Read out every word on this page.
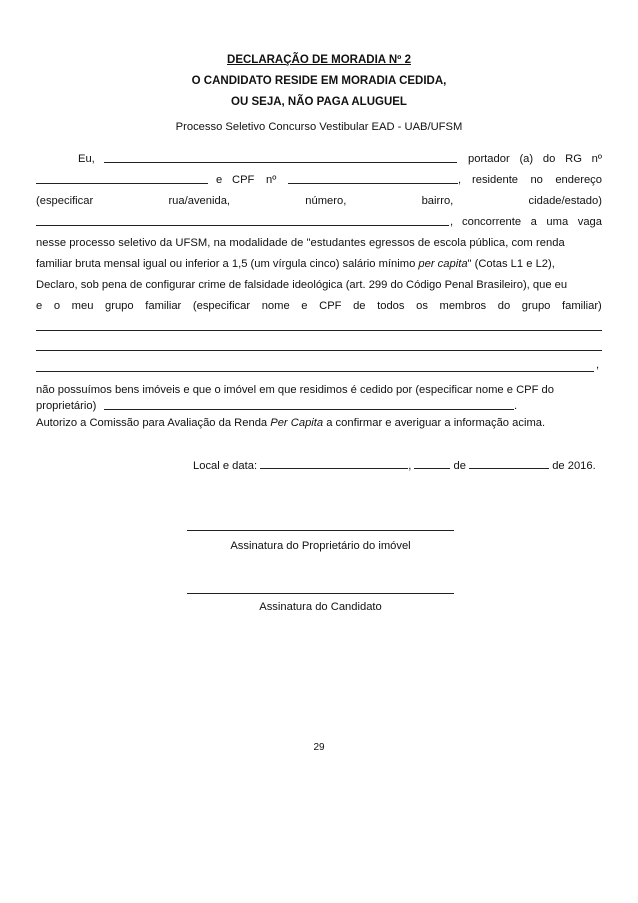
DECLARAÇÃO DE MORADIA Nº 2
O CANDIDATO RESIDE EM MORADIA CEDIDA,
OU SEJA, NÃO PAGA ALUGUEL
Processo Seletivo Concurso Vestibular EAD - UAB/UFSM
Eu,	portador (a) do RG nº
e CPF nº	, residente no endereço
(especificar	rua/avenida,	número,	bairro,	cidade/estado)
, concorrente a uma vaga
nesse processo seletivo da UFSM, na modalidade de "estudantes egressos de escola pública, com renda
familiar bruta mensal igual ou inferior a 1,5 (um vírgula cinco) salário mínimo per capita" (Cotas L1 e L2),
Declaro, sob pena de configurar crime de falsidade ideológica (art. 299 do Código Penal Brasileiro), que eu
e o meu grupo familiar (especificar nome e CPF de todos os membros do grupo familiar)
,
não possuímos bens imóveis e que o imóvel em que residimos é cedido por (especificar nome e CPF do
proprietário)	.
Autorizo a Comissão para Avaliação da Renda Per Capita a confirmar e averiguar a informação acima.
Local e data:	,	de	de 2016.
Assinatura do Proprietário do imóvel
Assinatura do Candidato
29
